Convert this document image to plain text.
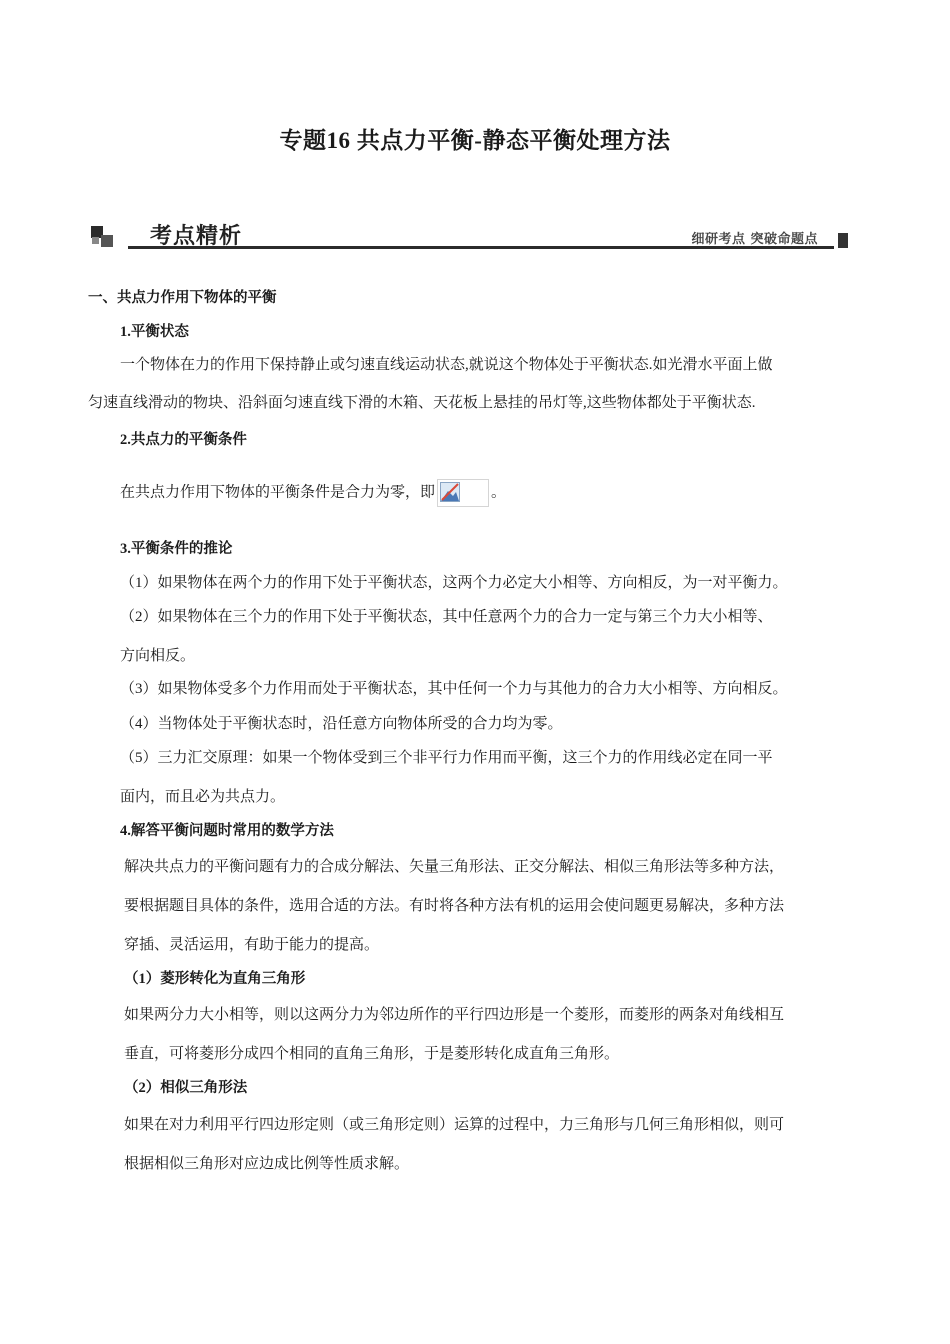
专题16 共点力平衡-静态平衡处理方法
考点精析	细研考点 突破命题点

一、共点力作用下物体的平衡

1.平衡状态

一个物体在力的作用下保持静止或匀速直线运动状态,就说这个物体处于平衡状态.如光滑水平面上做

匀速直线滑动的物块、沿斜面匀速直线下滑的木箱、天花板上悬挂的吊灯等,这些物体都处于平衡状态.

2.共点力的平衡条件

在共点力作用下物体的平衡条件是合力为零，即	。

3.平衡条件的推论

（1）如果物体在两个力的作用下处于平衡状态，这两个力必定大小相等、方向相反，为一对平衡力。

（2）如果物体在三个力的作用下处于平衡状态，其中任意两个力的合力一定与第三个力大小相等、

方向相反。

（3）如果物体受多个力作用而处于平衡状态，其中任何一个力与其他力的合力大小相等、方向相反。

（4）当物体处于平衡状态时，沿任意方向物体所受的合力均为零。

（5）三力汇交原理：如果一个物体受到三个非平行力作用而平衡，这三个力的作用线必定在同一平

面内，而且必为共点力。

4.解答平衡问题时常用的数学方法

解决共点力的平衡问题有力的合成分解法、矢量三角形法、正交分解法、相似三角形法等多种方法，

要根据题目具体的条件，选用合适的方法。有时将各种方法有机的运用会使问题更易解决，多种方法

穿插、灵活运用，有助于能力的提高。

（1）菱形转化为直角三角形

如果两分力大小相等，则以这两分力为邻边所作的平行四边形是一个菱形，而菱形的两条对角线相互

垂直，可将菱形分成四个相同的直角三角形，于是菱形转化成直角三角形。

（2）相似三角形法

如果在对力利用平行四边形定则（或三角形定则）运算的过程中，力三角形与几何三角形相似，则可

根据相似三角形对应边成比例等性质求解。
